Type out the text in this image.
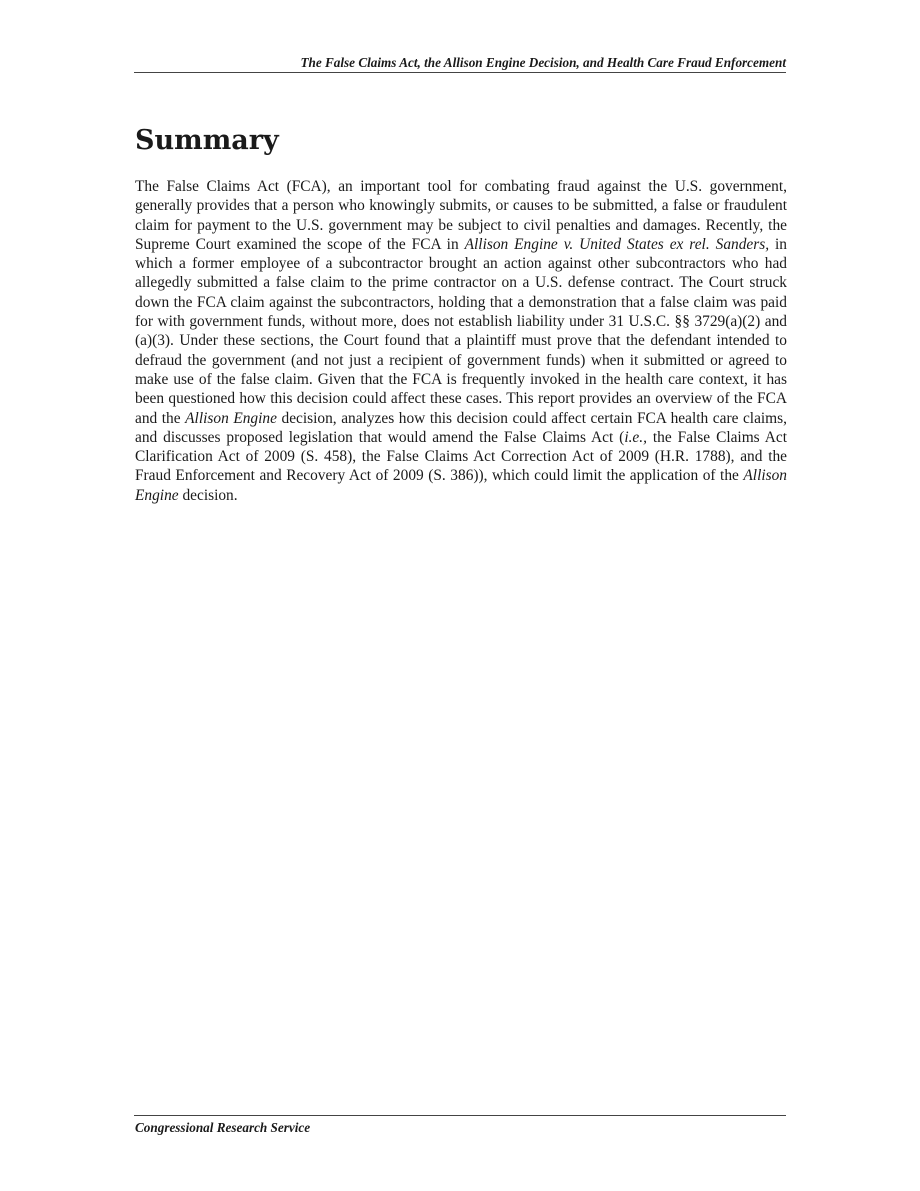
The False Claims Act, the Allison Engine Decision, and Health Care Fraud Enforcement
Summary

The False Claims Act (FCA), an important tool for combating fraud against the U.S. government, generally provides that a person who knowingly submits, or causes to be submitted, a false or fraudulent claim for payment to the U.S. government may be subject to civil penalties and damages. Recently, the Supreme Court examined the scope of the FCA in Allison Engine v. United States ex rel. Sanders, in which a former employee of a subcontractor brought an action against other subcontractors who had allegedly submitted a false claim to the prime contractor on a U.S. defense contract. The Court struck down the FCA claim against the subcontractors, holding that a demonstration that a false claim was paid for with government funds, without more, does not establish liability under 31 U.S.C. §§ 3729(a)(2) and (a)(3). Under these sections, the Court found that a plaintiff must prove that the defendant intended to defraud the government (and not just a recipient of government funds) when it submitted or agreed to make use of the false claim. Given that the FCA is frequently invoked in the health care context, it has been questioned how this decision could affect these cases. This report provides an overview of the FCA and the Allison Engine decision, analyzes how this decision could affect certain FCA health care claims, and discusses proposed legislation that would amend the False Claims Act (i.e., the False Claims Act Clarification Act of 2009 (S. 458), the False Claims Act Correction Act of 2009 (H.R. 1788), and the Fraud Enforcement and Recovery Act of 2009 (S. 386)), which could limit the application of the Allison Engine decision.

Congressional Research Service
